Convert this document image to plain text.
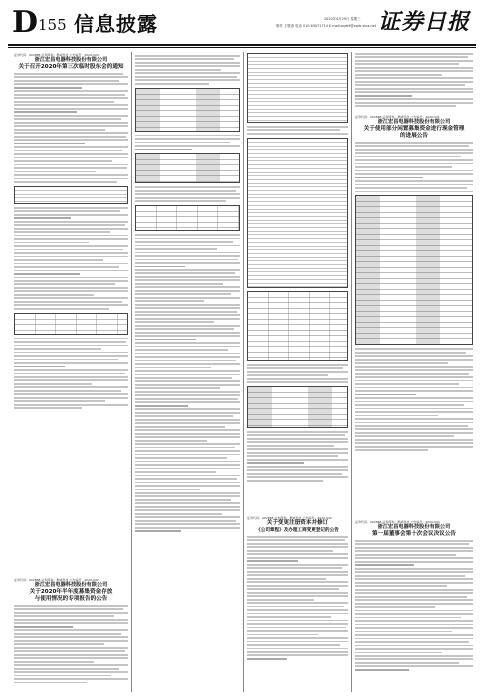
D 155 信息披露	2020年4月29日 星期三
制作 王敬涛 电话 010-63071714 E-mail:zqrb9@zqrb.sina.net 证券日报
证券代码：002888 证券简称：惠威科技 公告编号：2020-029
浙江宏昌电器科技股份有限公司
关于召开2020年第三次临时股东会的通知
证券代码：002888 证券简称：惠威科技 公告编号：2020-032
浙江宏昌电器科技股份有限公司
关于2020年半年度募集资金存放
与使用情况的专项报告的公告
证券代码：002888 证券简称：惠威科技 公告编号：2020-030
关于变更注册资本并修订
《公司章程》及办理工商变更登记的公告
证券代码：002888 证券简称：惠威科技 公告编号：2020-031
浙江宏昌电器科技股份有限公司
关于使用部分闲置募集资金进行现金管理
的进展公告
证券代码：002888 证券简称：惠威科技 公告编号：2020-033
浙江宏昌电器科技股份有限公司
第一届董事会第十次会议决议公告
